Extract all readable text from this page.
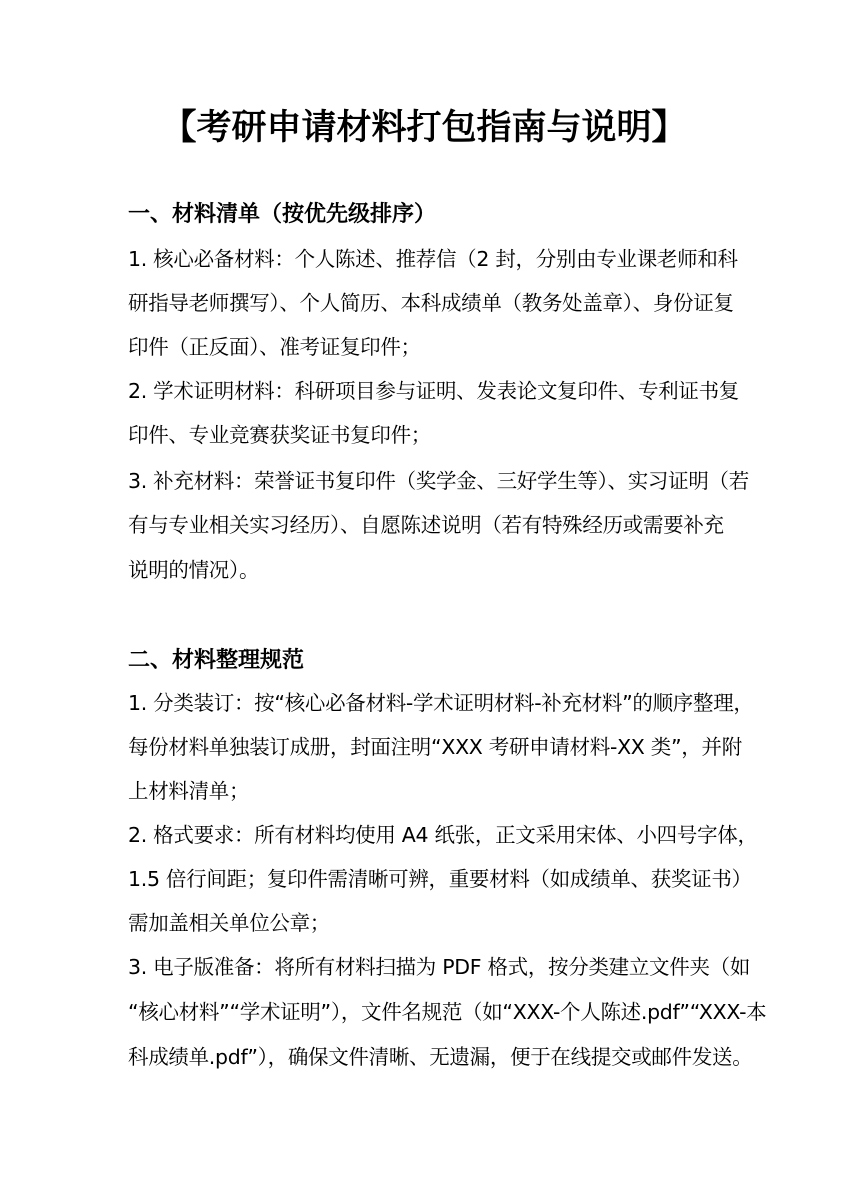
【考研申请材料打包指南与说明】
一、材料清单（按优先级排序）
1. 核心必备材料：个人陈述、推荐信（2 封，分别由专业课老师和科
研指导老师撰写）、个人简历、本科成绩单（教务处盖章）、身份证复
印件（正反面）、准考证复印件；
2. 学术证明材料：科研项目参与证明、发表论文复印件、专利证书复
印件、专业竞赛获奖证书复印件；
3. 补充材料：荣誉证书复印件（奖学金、三好学生等）、实习证明（若
有与专业相关实习经历）、自愿陈述说明（若有特殊经历或需要补充
说明的情况）。
二、材料整理规范
1. 分类装订：按“核心必备材料-学术证明材料-补充材料”的顺序整理，
每份材料单独装订成册，封面注明“XXX 考研申请材料-XX 类”，并附
上材料清单；
2. 格式要求：所有材料均使用 A4 纸张，正文采用宋体、小四号字体，
1.5 倍行间距；复印件需清晰可辨，重要材料（如成绩单、获奖证书）
需加盖相关单位公章；
3. 电子版准备：将所有材料扫描为 PDF 格式，按分类建立文件夹（如
“核心材料”“学术证明”），文件名规范（如“XXX-个人陈述.pdf”“XXX-本
科成绩单.pdf”），确保文件清晰、无遗漏，便于在线提交或邮件发送。
